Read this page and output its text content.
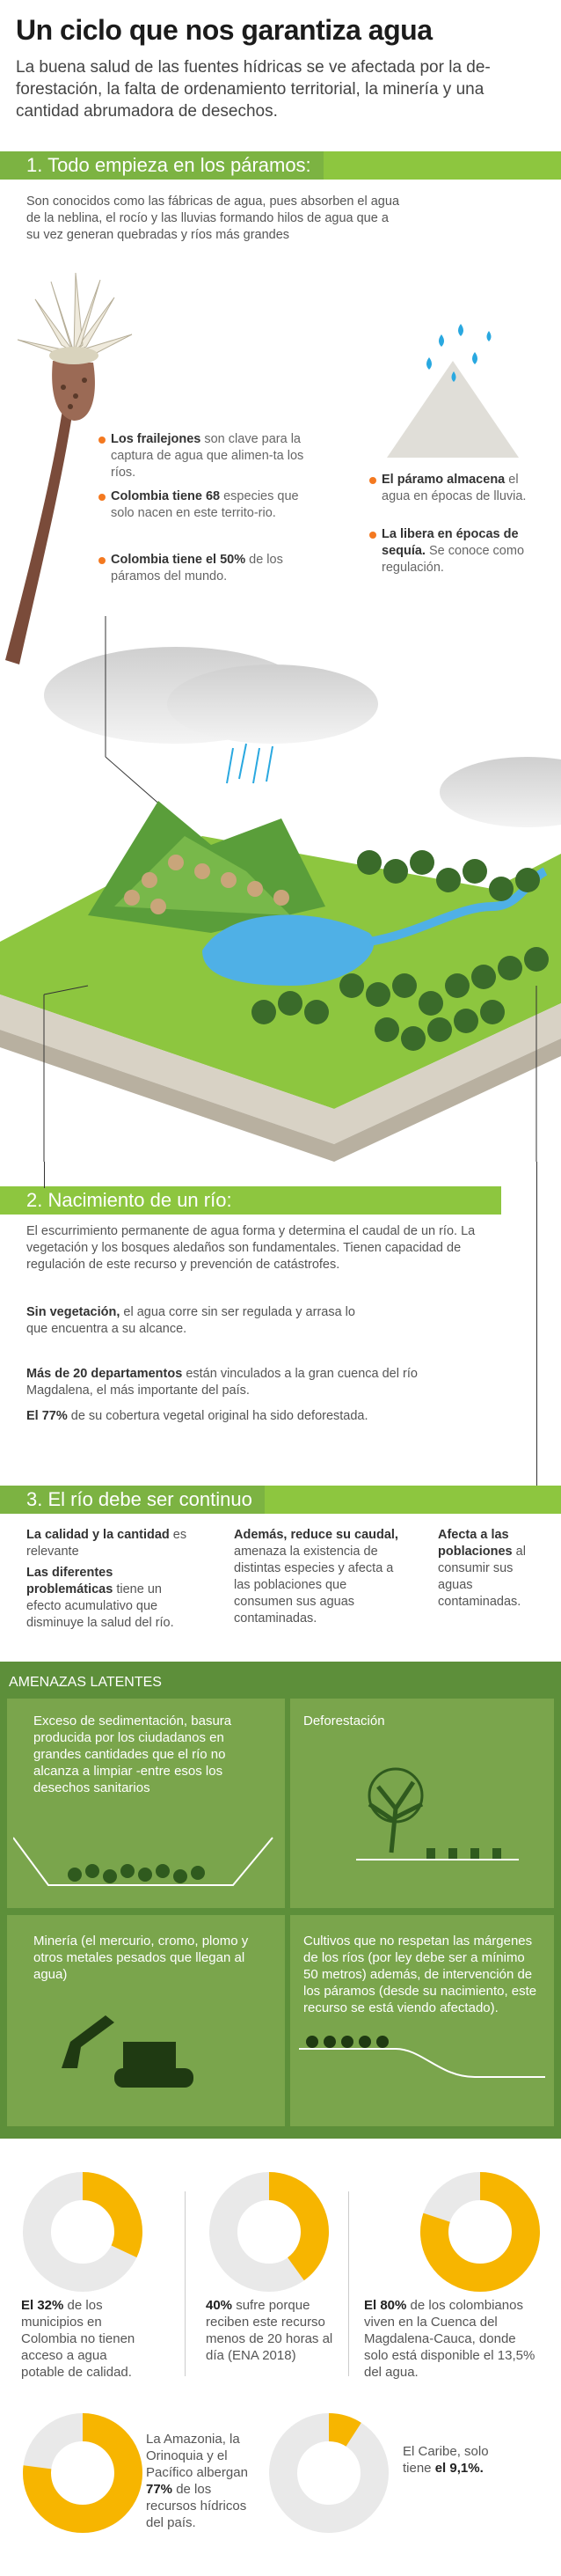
Un ciclo que nos garantiza agua
La buena salud de las fuentes hídricas se ve afectada por la de-forestación, la falta de ordenamiento territorial, la minería y una cantidad abrumadora de desechos.
1. Todo empieza en los páramos:
Son conocidos como las fábricas de agua, pues absorben el agua de la neblina, el rocío y las lluvias formando hilos de agua que a su vez generan quebradas y ríos más grandes
Los frailejones son clave para la captura de agua que alimen-ta los ríos.
Colombia tiene 68 especies que solo nacen en este territo-rio.
Colombia tiene el 50% de los páramos del mundo.
El páramo almacena el agua en épocas de lluvia.
La libera en épocas de sequía. Se conoce como regulación.
2. Nacimiento de un río:
El escurrimiento permanente de agua forma y determina el caudal de un río. La vegetación y los bosques aledaños son fundamentales. Tienen capacidad de regulación de este recurso y prevención de catástrofes.
Sin vegetación, el agua corre sin ser regulada y arrasa lo que encuentra a su alcance.
Más de 20 departamentos están vinculados a la gran cuenca del río Magdalena, el más importante del país.
El 77% de su cobertura vegetal original ha sido deforestada.
3. El río debe ser continuo
La calidad y la cantidad es relevante
Las diferentes problemáticas tiene un efecto acumulativo que disminuye la salud del río.
Además, reduce su caudal, amenaza la existencia de distintas especies y afecta a las poblaciones que consumen sus aguas contaminadas.
Afecta a las poblaciones al consumir sus aguas contaminadas.
AMENAZAS LATENTES
Exceso de sedimentación, basura producida por los ciudadanos en grandes cantidades que el río no alcanza a limpiar -entre esos los desechos sanitarios
Deforestación
Minería (el mercurio, cromo, plomo y otros metales pesados que llegan al agua)
Cultivos que no respetan las márgenes de los ríos (por ley debe ser a mínimo 50 metros) además, de intervención de los páramos (desde su nacimiento, este recurso se está viendo afectado).
El 32% de los municipios en Colombia no tienen acceso a agua potable de calidad.
40% sufre porque reciben este recurso menos de 20 horas al día (ENA 2018)
El 80% de los colombianos viven en la Cuenca del Magdalena-Cauca, donde solo está disponible el 13,5% del agua.
La Amazonia, la Orinoquia y el Pacífico albergan 77% de los recursos hídricos del país.
El Caribe, solo tiene el 9,1%.
